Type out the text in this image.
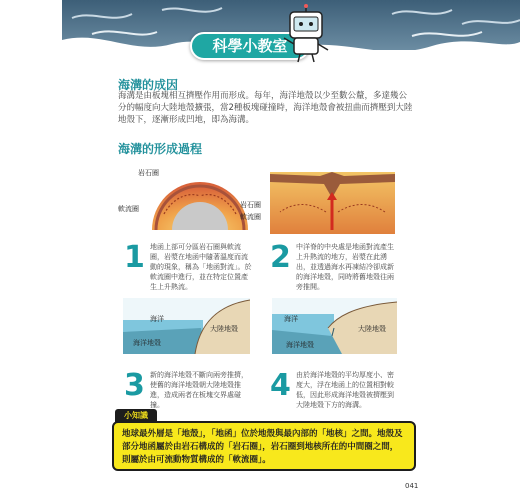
科學小教室
海溝的成因

海溝是由板塊相互擠壓作用而形成。每年，海洋地殼以少至數公釐，多達幾公分的幅度向大陸地殼擴張，當2種板塊碰撞時，海洋地殼會被扭曲而擠壓到大陸地殼下，逐漸形成凹地，即為海溝。

海溝的形成過程
岩石圈
軟流圈	岩石圈
軟流圈
1 地函上部可分區岩石圈與軟流圈，岩漿在地函中隨著溫度而流動的現象，稱為「地函對流」。於軟流圈中進行，並在特定位置產生上升熱流。

2 中洋脊的中央處是地函對流產生上升熱流的地方，岩漿在此湧出，並透過海水再凍結冷卻成新的海洋地殼，同時將舊地殼往兩旁推開。

海洋
大陸地殼
海洋地殼
海洋
大陸地殼
海洋地殼
3 新的海洋地殼不斷向兩旁推擠，使舊的海洋地殼朝大陸地殼推進，造成兩者在板塊交界處碰撞。

4 由於海洋地殼的平均厚度小、密度大，浮在地函上的位置相對較低，因此形成海洋地殼被擠壓到大陸地殼下方的海溝。

小知識
地球最外層是「地殼」，「地函」位於地殼與最內部的「地核」之間。地殼及部分地函屬於由岩石構成的「岩石圈」，岩石圈到地核所在的中間圈之間，則屬於由可流動物質構成的「軟流圈」。
041
